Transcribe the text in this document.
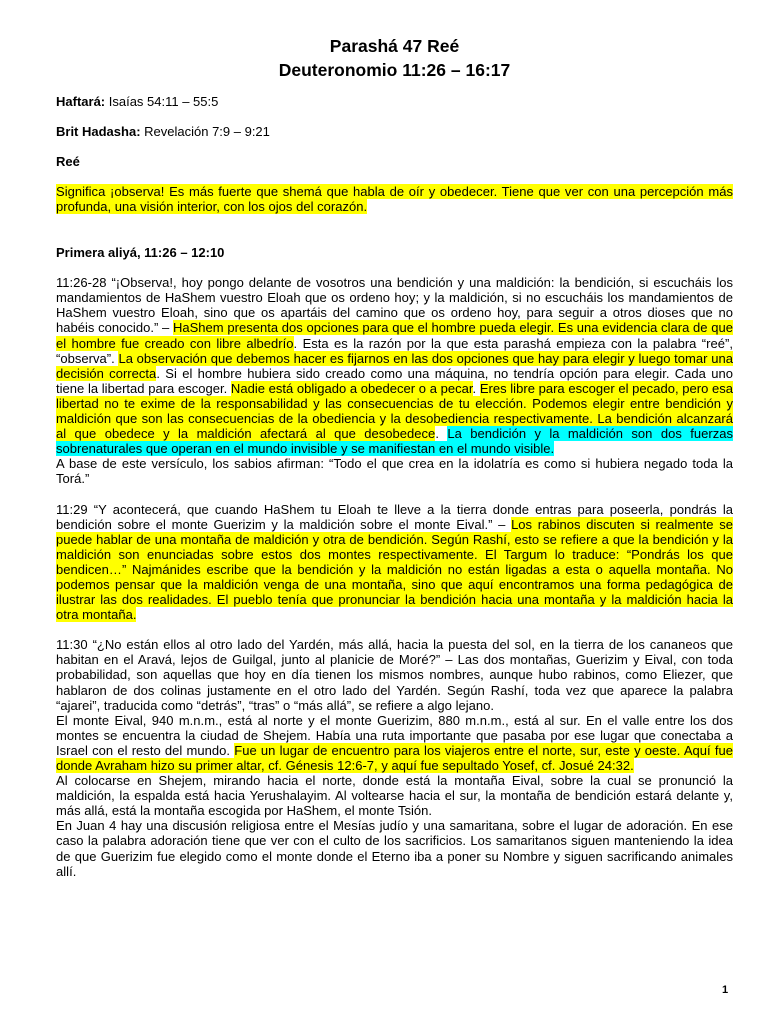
Parashá 47 Reé
Deuteronomio 11:26 – 16:17

Haftará: Isaías 54:11 – 55:5

Brit Hadasha: Revelación 7:9 – 9:21

Reé

Significa ¡observa! Es más fuerte que shemá que habla de oír y obedecer. Tiene que ver con una percepción más profunda, una visión interior, con los ojos del corazón.

Primera aliyá, 11:26 – 12:10

11:26-28 “¡Observa!, hoy pongo delante de vosotros una bendición y una maldición: la bendición, si escucháis los mandamientos de HaShem vuestro Eloah que os ordeno hoy; y la maldición, si no escucháis los mandamientos de HaShem vuestro Eloah, sino que os apartáis del camino que os ordeno hoy, para seguir a otros dioses que no habéis conocido.” – HaShem presenta dos opciones para que el hombre pueda elegir. Es una evidencia clara de que el hombre fue creado con libre albedrío. Esta es la razón por la que esta parashá empieza con la palabra “reé”, “observa”. La observación que debemos hacer es fijarnos en las dos opciones que hay para elegir y luego tomar una decisión correcta. Si el hombre hubiera sido creado como una máquina, no tendría opción para elegir. Cada uno tiene la libertad para escoger. Nadie está obligado a obedecer o a pecar. Eres libre para escoger el pecado, pero esa libertad no te exime de la responsabilidad y las consecuencias de tu elección. Podemos elegir entre bendición y maldición que son las consecuencias de la obediencia y la desobediencia respectivamente. La bendición alcanzará al que obedece y la maldición afectará al que desobedece. La bendición y la maldición son dos fuerzas sobrenaturales que operan en el mundo invisible y se manifiestan en el mundo visible.

A base de este versículo, los sabios afirman: “Todo el que crea en la idolatría es como si hubiera negado toda la Torá.”

11:29 “Y acontecerá, que cuando HaShem tu Eloah te lleve a la tierra donde entras para poseerla, pondrás la bendición sobre el monte Guerizim y la maldición sobre el monte Eival.” – Los rabinos discuten si realmente se puede hablar de una montaña de maldición y otra de bendición. Según Rashí, esto se refiere a que la bendición y la maldición son enunciadas sobre estos dos montes respectivamente. El Targum lo traduce: “Pondrás los que bendicen…” Najmánides escribe que la bendición y la maldición no están ligadas a esta o aquella montaña. No podemos pensar que la maldición venga de una montaña, sino que aquí encontramos una forma pedagógica de ilustrar las dos realidades. El pueblo tenía que pronunciar la bendición hacia una montaña y la maldición hacia la otra montaña.

11:30 “¿No están ellos al otro lado del Yardén, más allá, hacia la puesta del sol, en la tierra de los cananeos que habitan en el Aravá, lejos de Guilgal, junto al planicie de Moré?” – Las dos montañas, Guerizim y Eival, con toda probabilidad, son aquellas que hoy en día tienen los mismos nombres, aunque hubo rabinos, como Eliezer, que hablaron de dos colinas justamente en el otro lado del Yardén. Según Rashí, toda vez que aparece la palabra “ajarei”, traducida como “detrás”, “tras” o “más allá”, se refiere a algo lejano.

El monte Eival, 940 m.n.m., está al norte y el monte Guerizim, 880 m.n.m., está al sur. En el valle entre los dos montes se encuentra la ciudad de Shejem. Había una ruta importante que pasaba por ese lugar que conectaba a Israel con el resto del mundo. Fue un lugar de encuentro para los viajeros entre el norte, sur, este y oeste. Aquí fue donde Avraham hizo su primer altar, cf. Génesis 12:6-7, y aquí fue sepultado Yosef, cf. Josué 24:32.

Al colocarse en Shejem, mirando hacia el norte, donde está la montaña Eival, sobre la cual se pronunció la maldición, la espalda está hacia Yerushalayim. Al voltearse hacia el sur, la montaña de bendición estará delante y, más allá, está la montaña escogida por HaShem, el monte Tsión.

En Juan 4 hay una discusión religiosa entre el Mesías judío y una samaritana, sobre el lugar de adoración. En ese caso la palabra adoración tiene que ver con el culto de los sacrificios. Los samaritanos siguen manteniendo la idea de que Guerizim fue elegido como el monte donde el Eterno iba a poner su Nombre y siguen sacrificando animales allí.

1
